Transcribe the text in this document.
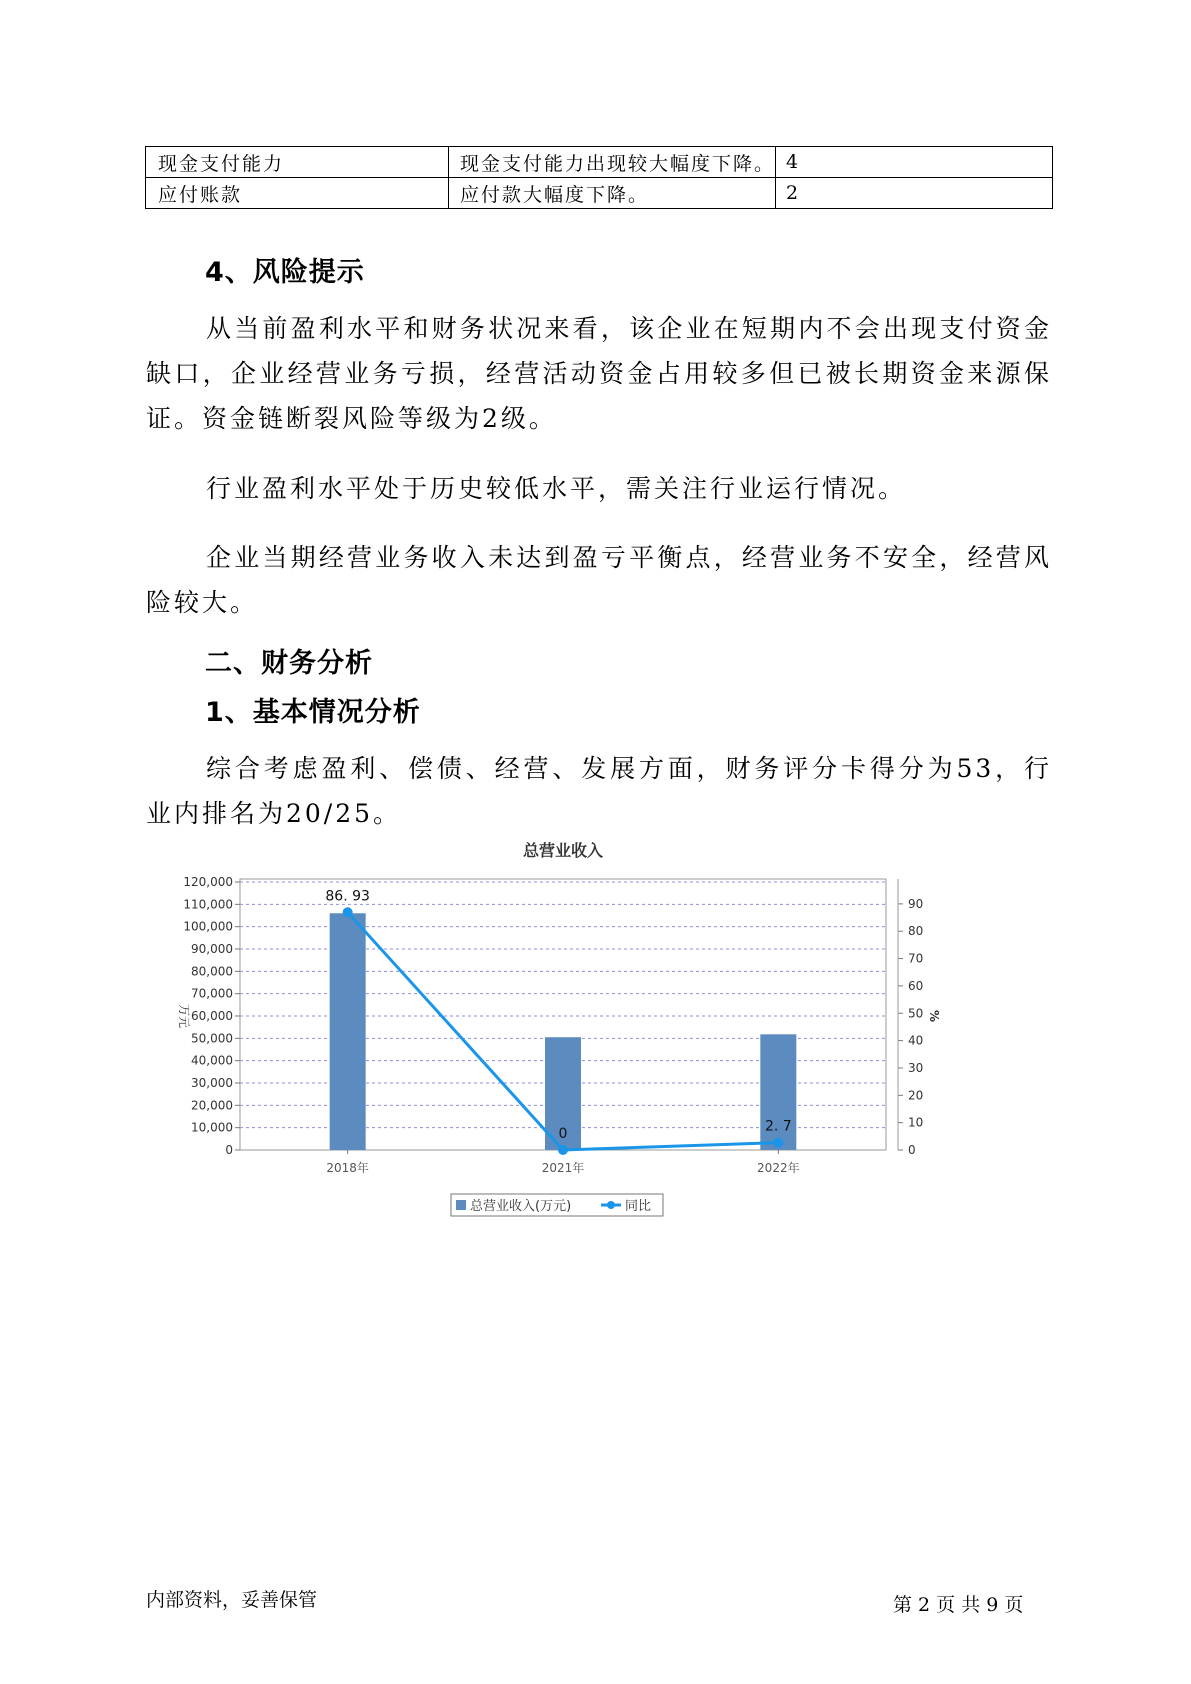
现金支付能力	现金支付能力出现较大幅度下降。	4
应付账款	应付款大幅度下降。	2
4、风险提示

从当前盈利水平和财务状况来看，该企业在短期内不会出现支付资金缺口，企业经营业务亏损，经营活动资金占用较多但已被长期资金来源保证。资金链断裂风险等级为2级。

行业盈利水平处于历史较低水平，需关注行业运行情况。

企业当期经营业务收入未达到盈亏平衡点，经营业务不安全，经营风险较大。

二、财务分析
1、基本情况分析

综合考虑盈利、偿债、经营、发展方面，财务评分卡得分为53，行业内排名为20/25。

总营业收入
0
10,000
20,000
30,000
40,000
50,000
60,000
70,000
80,000
90,000
100,000
110,000
120,000
0
10
20
30
40
50
60
70
80
90
万元	%
2018年	2021年	2022年
86. 93
0	2. 7
总营业收入(万元)	同比
内部资料，妥善保管	第 2 页 共 9 页
